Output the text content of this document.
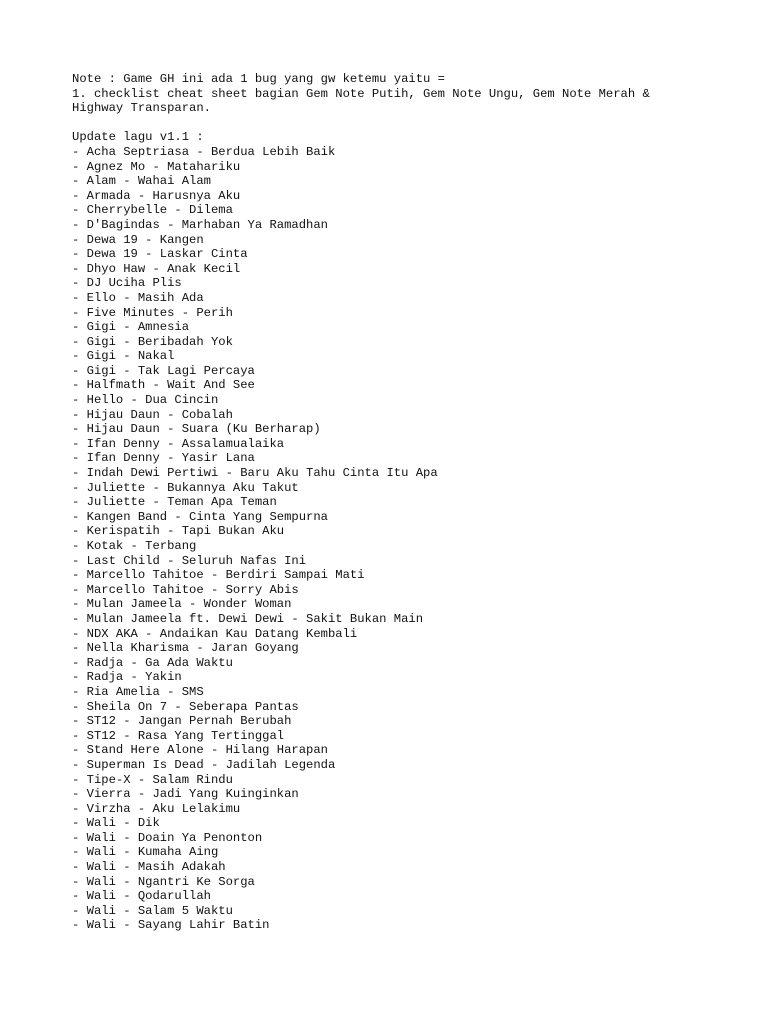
Note : Game GH ini ada 1 bug yang gw ketemu yaitu =
1. checklist cheat sheet bagian Gem Note Putih, Gem Note Ungu, Gem Note Merah &
Highway Transparan.
Update lagu v1.1 :
- Acha Septriasa - Berdua Lebih Baik
- Agnez Mo - Matahariku
- Alam - Wahai Alam
- Armada - Harusnya Aku
- Cherrybelle - Dilema
- D'Bagindas - Marhaban Ya Ramadhan
- Dewa 19 - Kangen
- Dewa 19 - Laskar Cinta
- Dhyo Haw - Anak Kecil
- DJ Uciha Plis
- Ello - Masih Ada
- Five Minutes - Perih
- Gigi - Amnesia
- Gigi - Beribadah Yok
- Gigi - Nakal
- Gigi - Tak Lagi Percaya
- Halfmath - Wait And See
- Hello - Dua Cincin
- Hijau Daun - Cobalah
- Hijau Daun - Suara (Ku Berharap)
- Ifan Denny - Assalamualaika
- Ifan Denny - Yasir Lana
- Indah Dewi Pertiwi - Baru Aku Tahu Cinta Itu Apa
- Juliette - Bukannya Aku Takut
- Juliette - Teman Apa Teman
- Kangen Band - Cinta Yang Sempurna
- Kerispatih - Tapi Bukan Aku
- Kotak - Terbang
- Last Child - Seluruh Nafas Ini
- Marcello Tahitoe - Berdiri Sampai Mati
- Marcello Tahitoe - Sorry Abis
- Mulan Jameela - Wonder Woman
- Mulan Jameela ft. Dewi Dewi - Sakit Bukan Main
- NDX AKA - Andaikan Kau Datang Kembali
- Nella Kharisma - Jaran Goyang
- Radja - Ga Ada Waktu
- Radja - Yakin
- Ria Amelia - SMS
- Sheila On 7 - Seberapa Pantas
- ST12 - Jangan Pernah Berubah
- ST12 - Rasa Yang Tertinggal
- Stand Here Alone - Hilang Harapan
- Superman Is Dead - Jadilah Legenda
- Tipe-X - Salam Rindu
- Vierra - Jadi Yang Kuinginkan
- Virzha - Aku Lelakimu
- Wali - Dik
- Wali - Doain Ya Penonton
- Wali - Kumaha Aing
- Wali - Masih Adakah
- Wali - Ngantri Ke Sorga
- Wali - Qodarullah
- Wali - Salam 5 Waktu
- Wali - Sayang Lahir Batin
